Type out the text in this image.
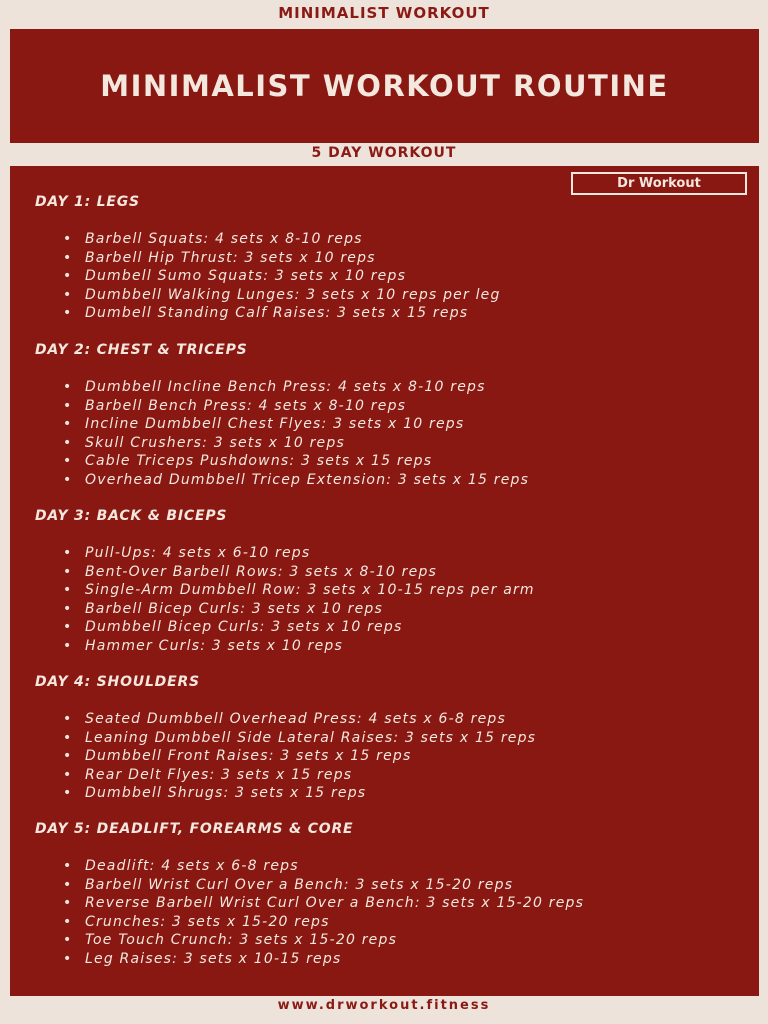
MINIMALIST WORKOUT
MINIMALIST WORKOUT ROUTINE
5 DAY WORKOUT
Dr Workout
DAY 1: LEGS
• Barbell Squats: 4 sets x 8-10 reps
• Barbell Hip Thrust: 3 sets x 10 reps
• Dumbell Sumo Squats: 3 sets x 10 reps
• Dumbbell Walking Lunges: 3 sets x 10 reps per leg
• Dumbell Standing Calf Raises: 3 sets x 15 reps
DAY 2: CHEST & TRICEPS
• Dumbbell Incline Bench Press: 4 sets x 8-10 reps
• Barbell Bench Press: 4 sets x 8-10 reps
• Incline Dumbbell Chest Flyes: 3 sets x 10 reps
• Skull Crushers: 3 sets x 10 reps
• Cable Triceps Pushdowns: 3 sets x 15 reps
• Overhead Dumbbell Tricep Extension: 3 sets x 15 reps
DAY 3: BACK & BICEPS
• Pull-Ups: 4 sets x 6-10 reps
• Bent-Over Barbell Rows: 3 sets x 8-10 reps
• Single-Arm Dumbbell Row: 3 sets x 10-15 reps per arm
• Barbell Bicep Curls: 3 sets x 10 reps
• Dumbbell Bicep Curls: 3 sets x 10 reps
• Hammer Curls: 3 sets x 10 reps
DAY 4: SHOULDERS
• Seated Dumbbell Overhead Press: 4 sets x 6-8 reps
• Leaning Dumbbell Side Lateral Raises: 3 sets x 15 reps
• Dumbbell Front Raises: 3 sets x 15 reps
• Rear Delt Flyes: 3 sets x 15 reps
• Dumbbell Shrugs: 3 sets x 15 reps
DAY 5: DEADLIFT, FOREARMS & CORE
• Deadlift: 4 sets x 6-8 reps
• Barbell Wrist Curl Over a Bench: 3 sets x 15-20 reps
• Reverse Barbell Wrist Curl Over a Bench: 3 sets x 15-20 reps
• Crunches: 3 sets x 15-20 reps
• Toe Touch Crunch: 3 sets x 15-20 reps
• Leg Raises: 3 sets x 10-15 reps
www.drworkout.fitness
